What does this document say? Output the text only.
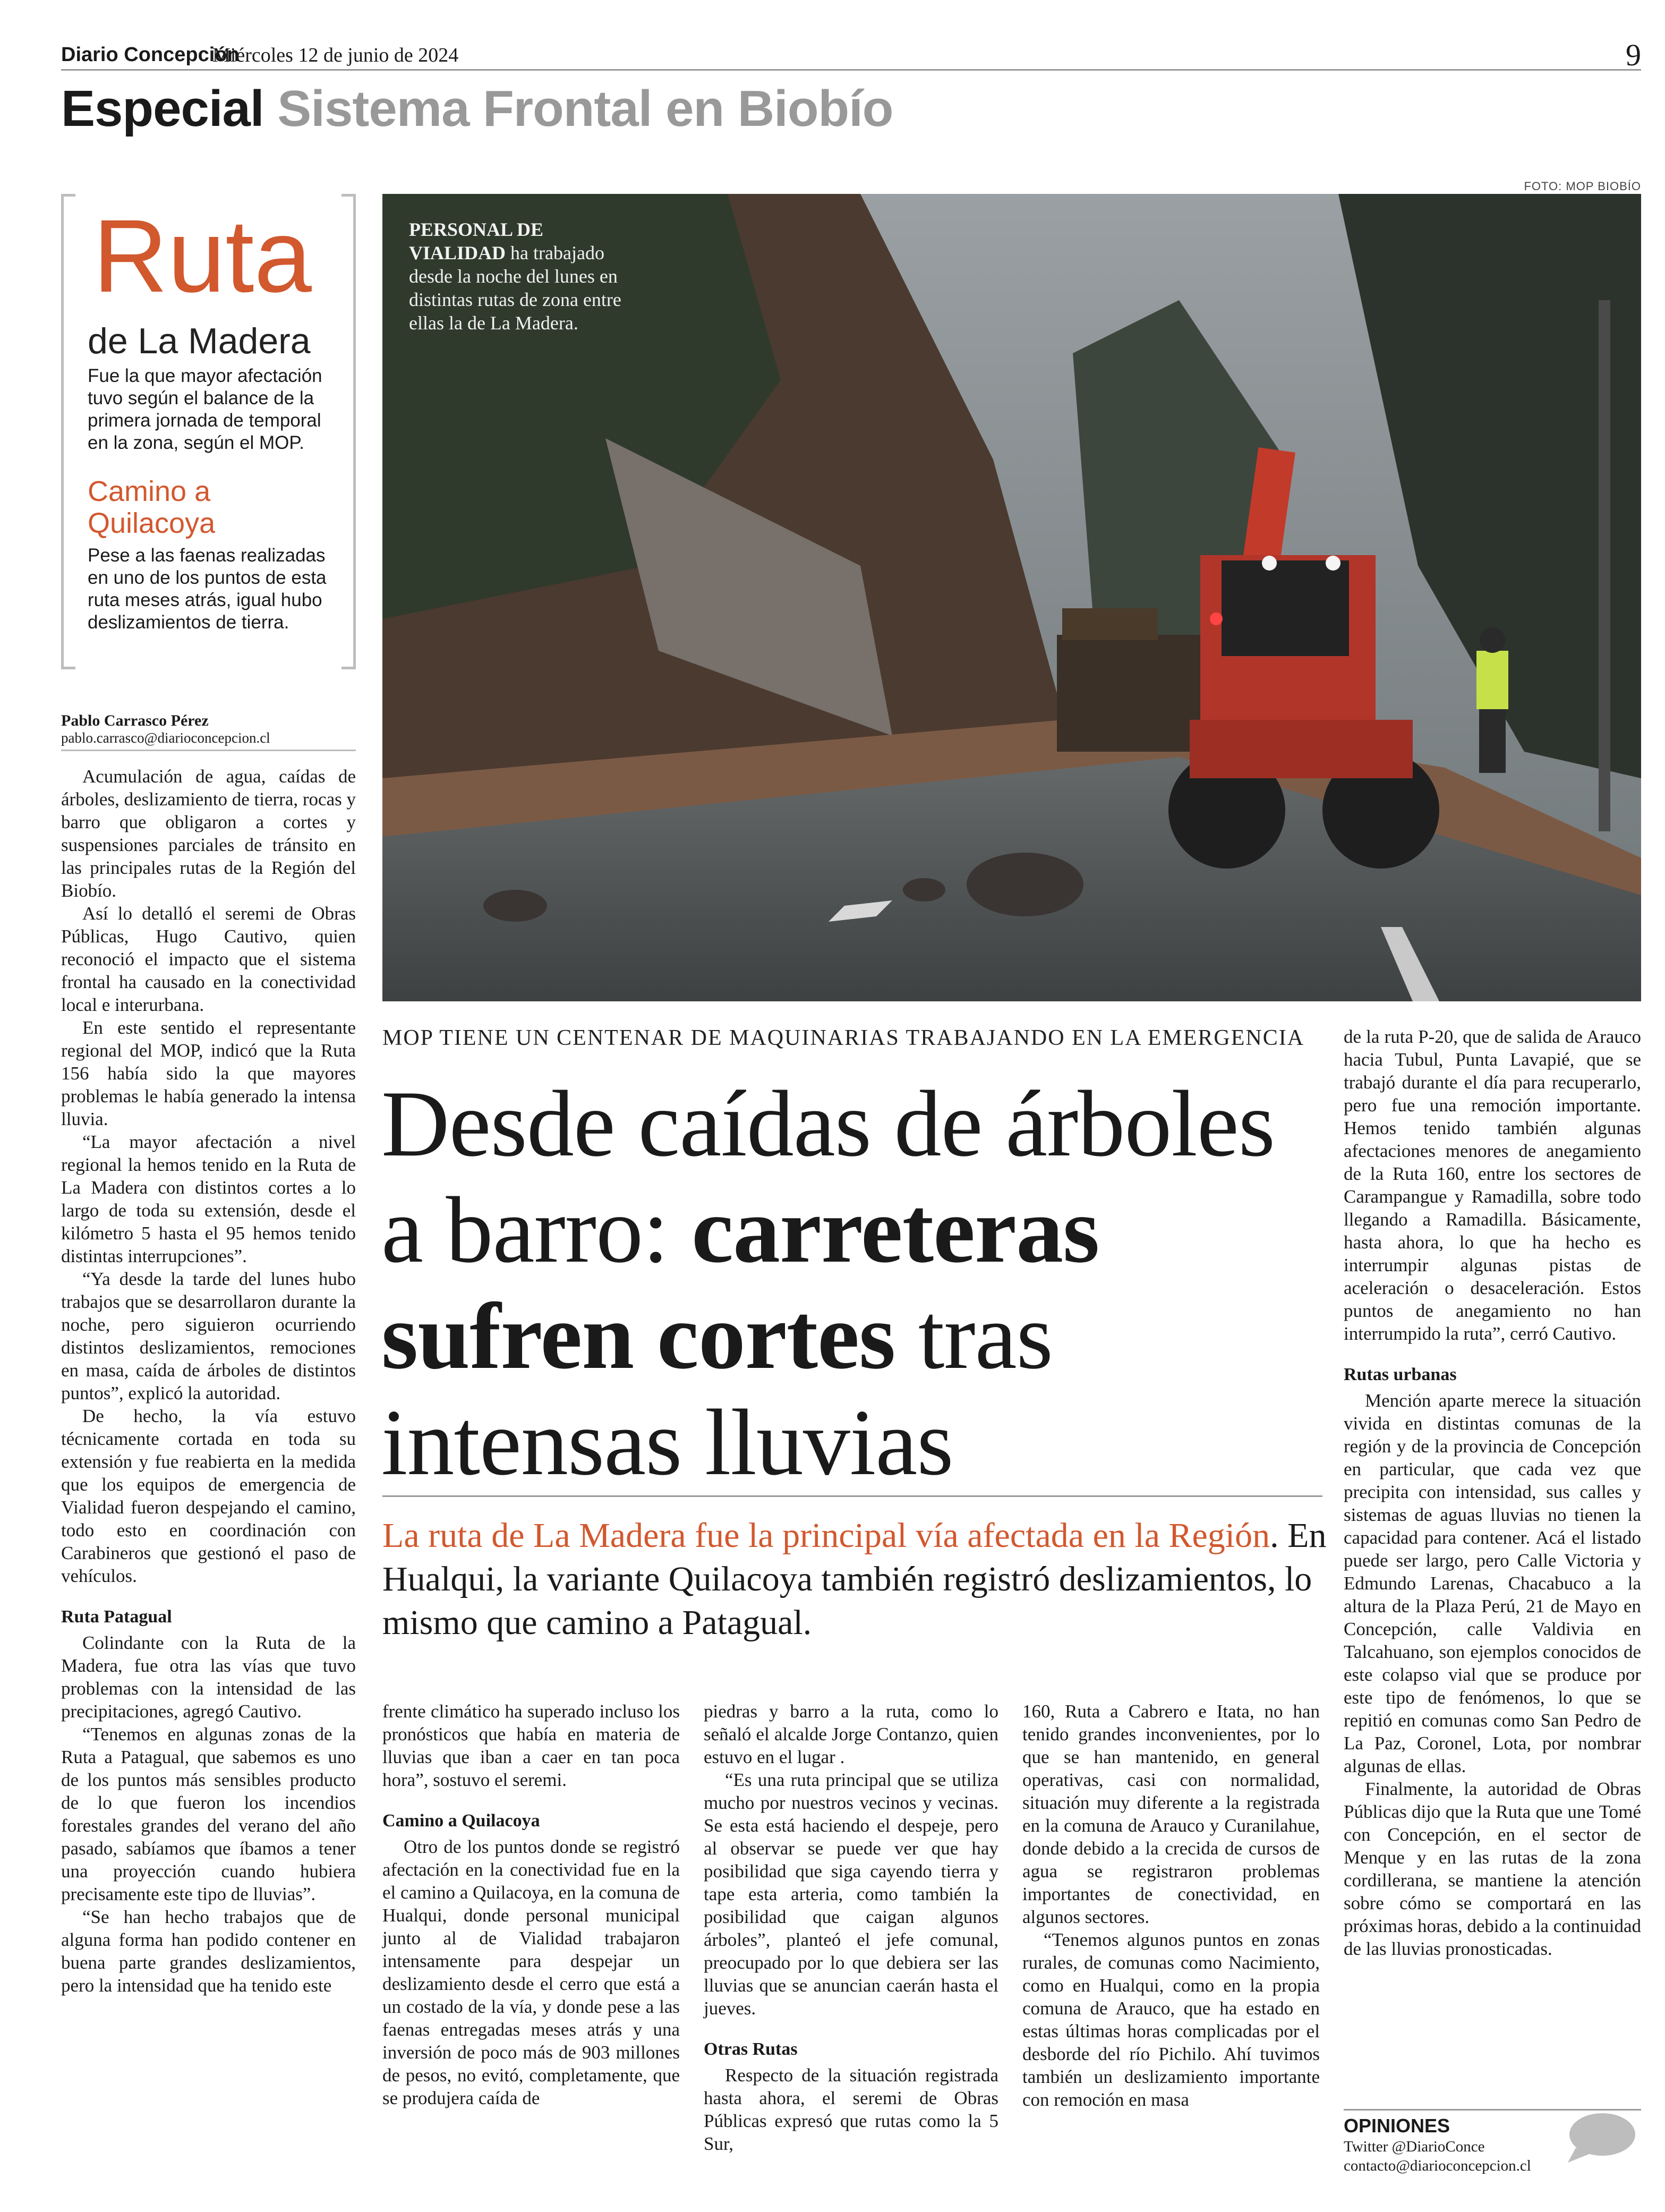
Diario Concepción
Miércoles 12 de junio de 2024	9
Especial Sistema Frontal en Biobío
Ruta
de La Madera
Fue la que mayor afectación tuvo según el balance de la primera jornada de temporal en la zona, según el MOP.
Camino a Quilacoya
Pese a las faenas realizadas en uno de los puntos de esta ruta meses atrás, igual hubo deslizamientos de tierra.
FOTO: MOP BIOBÍO
PERSONAL DE VIALIDAD ha trabajado desde la noche del lunes en distintas rutas de zona entre ellas la de La Madera.
Pablo Carrasco Pérez
pablo.carrasco@diarioconcepcion.cl
MOP TIENE UN CENTENAR DE MAQUINARIAS TRABAJANDO EN LA EMERGENCIA
Desde caídas de árboles a barro: carreteras sufren cortes tras intensas lluvias
La ruta de La Madera fue la principal vía afectada en la Región. En Hualqui, la variante Quilacoya también registró deslizamientos, lo mismo que camino a Patagual.

Acumulación de agua, caídas de árboles, deslizamiento de tierra, rocas y barro que obligaron a cortes y suspensiones parciales de tránsito en las principales rutas de la Región del Biobío.

Así lo detalló el seremi de Obras Públicas, Hugo Cautivo, quien reconoció el impacto que el sistema frontal ha causado en la conectividad local e interurbana.

En este sentido el representante regional del MOP, indicó que la Ruta 156 había sido la que mayores problemas le había generado la intensa lluvia.

“La mayor afectación a nivel regional la hemos tenido en la Ruta de La Madera con distintos cortes a lo largo de toda su extensión, desde el kilómetro 5 hasta el 95 hemos tenido distintas interrupciones”.

“Ya desde la tarde del lunes hubo trabajos que se desarrollaron durante la noche, pero siguieron ocurriendo distintos deslizamientos, remociones en masa, caída de árboles de distintos puntos”, explicó la autoridad.

De hecho, la vía estuvo técnicamente cortada en toda su extensión y fue reabierta en la medida que los equipos de emergencia de Vialidad fueron despejando el camino, todo esto en coordinación con Carabineros que gestionó el paso de vehículos.

Ruta Patagual

Colindante con la Ruta de la Madera, fue otra las vías que tuvo problemas con la intensidad de las precipitaciones, agregó Cautivo.

“Tenemos en algunas zonas de la Ruta a Patagual, que sabemos es uno de los puntos más sensibles producto de lo que fueron los incendios forestales grandes del verano del año pasado, sabíamos que íbamos a tener una proyección cuando hubiera precisamente este tipo de lluvias”.

“Se han hecho trabajos que de alguna forma han podido contener en buena parte grandes deslizamientos, pero la intensidad que ha tenido este

frente climático ha superado incluso los pronósticos que había en materia de lluvias que iban a caer en tan poca hora”, sostuvo el seremi.

Camino a Quilacoya

Otro de los puntos donde se registró afectación en la conectividad fue en la el camino a Quilacoya, en la comuna de Hualqui, donde personal municipal junto al de Vialidad trabajaron intensamente para despejar un deslizamiento desde el cerro que está a un costado de la vía, y donde pese a las faenas entregadas meses atrás y una inversión de poco más de 903 millones de pesos, no evitó, completamente, que se produjera caída de

piedras y barro a la ruta, como lo señaló el alcalde Jorge Contanzo, quien estuvo en el lugar .

“Es una ruta principal que se utiliza mucho por nuestros vecinos y vecinas. Se esta está haciendo el despeje, pero al observar se puede ver que hay posibilidad que siga cayendo tierra y tape esta arteria, como también la posibilidad que caigan algunos árboles”, planteó el jefe comunal, preocupado por lo que debiera ser las lluvias que se anuncian caerán hasta el jueves.

Otras Rutas

Respecto de la situación registrada hasta ahora, el seremi de Obras Públicas expresó que rutas como la 5 Sur,

160, Ruta a Cabrero e Itata, no han tenido grandes inconvenientes, por lo que se han mantenido, en general operativas, casi con normalidad, situación muy diferente a la registrada en la comuna de Arauco y Curanilahue, donde debido a la crecida de cursos de agua se registraron problemas importantes de conectividad, en algunos sectores.

“Tenemos algunos puntos en zonas rurales, de comunas como Nacimiento, como en Hualqui, como en la propia comuna de Arauco, que ha estado en estas últimas horas complicadas por el desborde del río Pichilo. Ahí tuvimos también un deslizamiento importante con remoción en masa

de la ruta P-20, que de salida de Arauco hacia Tubul, Punta Lavapié, que se trabajó durante el día para recuperarlo, pero fue una remoción importante. Hemos tenido también algunas afectaciones menores de anegamiento de la Ruta 160, entre los sectores de Carampangue y Ramadilla, sobre todo llegando a Ramadilla. Básicamente, hasta ahora, lo que ha hecho es interrumpir algunas pistas de aceleración o desaceleración. Estos puntos de anegamiento no han interrumpido la ruta”, cerró Cautivo.

Rutas urbanas

Mención aparte merece la situación vivida en distintas comunas de la región y de la provincia de Concepción en particular, que cada vez que precipita con intensidad, sus calles y sistemas de aguas lluvias no tienen la capacidad para contener. Acá el listado puede ser largo, pero Calle Victoria y Edmundo Larenas, Chacabuco a la altura de la Plaza Perú, 21 de Mayo en Concepción, calle Valdivia en Talcahuano, son ejemplos conocidos de este colapso vial que se produce por este tipo de fenómenos, lo que se repitió en comunas como San Pedro de La Paz, Coronel, Lota, por nombrar algunas de ellas.

Finalmente, la autoridad de Obras Públicas dijo que la Ruta que une Tomé con Concepción, en el sector de Menque y en las rutas de la zona cordillerana, se mantiene la atención sobre cómo se comportará en las próximas horas, debido a la continuidad de las lluvias pronosticadas.

OPINIONES
Twitter @DiarioConce
contacto@diarioconcepcion.cl
